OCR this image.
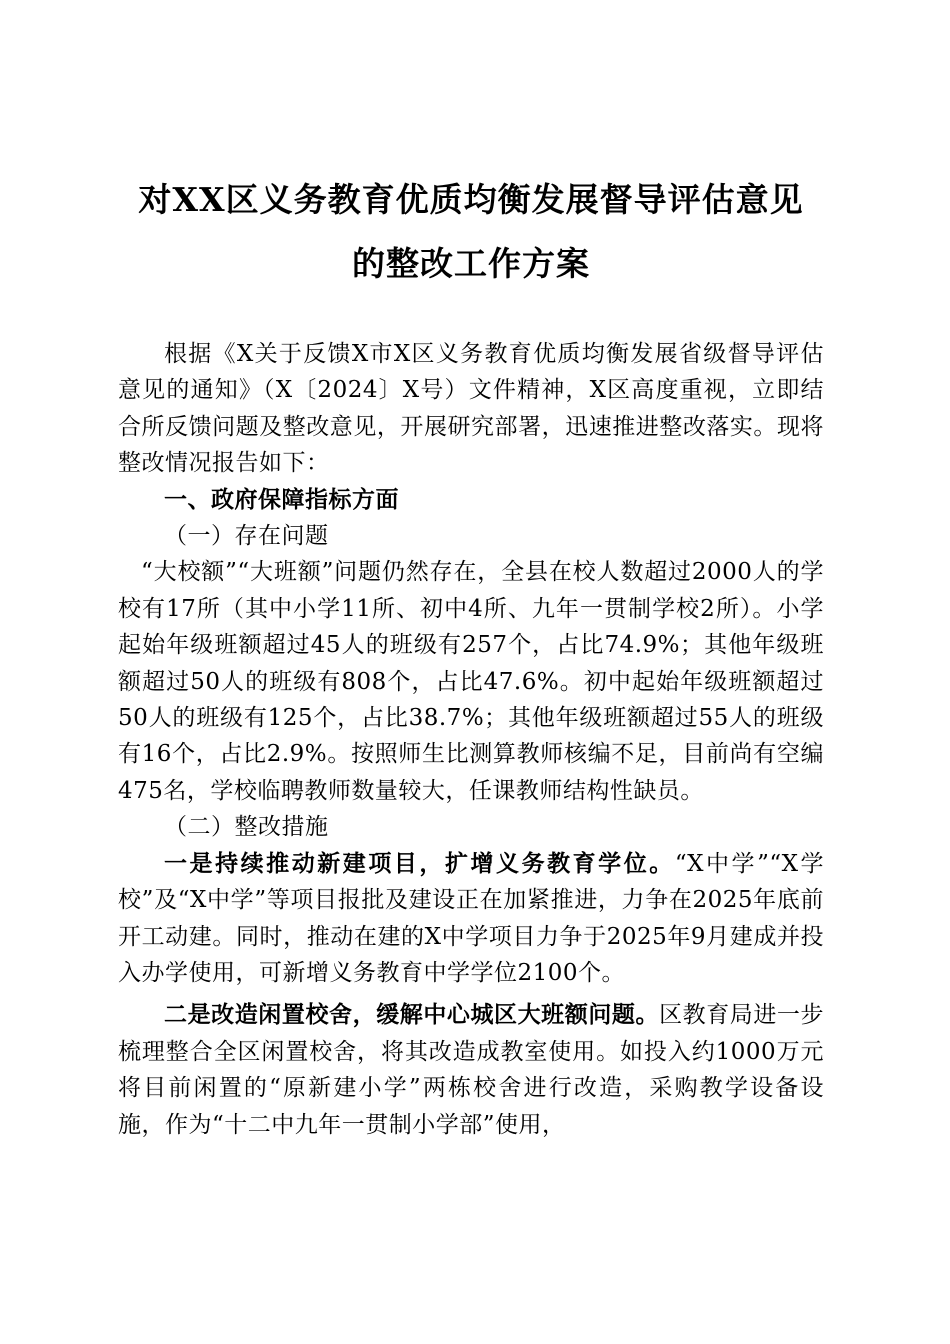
对XX区义务教育优质均衡发展督导评估意见
的整改工作方案

根据《X关于反馈X市X区义务教育优质均衡发展省级督导评估意见的通知》（X〔2024〕X号）文件精神，X区高度重视，立即结合所反馈问题及整改意见，开展研究部署，迅速推进整改落实。现将整改情况报告如下：

一、政府保障指标方面

（一）存在问题

“大校额”“大班额”问题仍然存在，全县在校人数超过2000人的学校有17所（其中小学11所、初中4所、九年一贯制学校2所）。小学起始年级班额超过45人的班级有257个，占比74.9%；其他年级班额超过50人的班级有808个，占比47.6%。初中起始年级班额超过50人的班级有125个，占比38.7%；其他年级班额超过55人的班级有16个，占比2.9%。按照师生比测算教师核编不足，目前尚有空编475名，学校临聘教师数量较大，任课教师结构性缺员。

（二）整改措施

一是持续推动新建项目，扩增义务教育学位。“X中学”“X学校”及“X中学”等项目报批及建设正在加紧推进，力争在2025年底前开工动建。同时，推动在建的X中学项目力争于2025年9月建成并投入办学使用，可新增义务教育中学学位2100个。

二是改造闲置校舍，缓解中心城区大班额问题。区教育局进一步梳理整合全区闲置校舍，将其改造成教室使用。如投入约1000万元将目前闲置的“原新建小学”两栋校舍进行改造，采购教学设备设施，作为“十二中九年一贯制小学部”使用，
